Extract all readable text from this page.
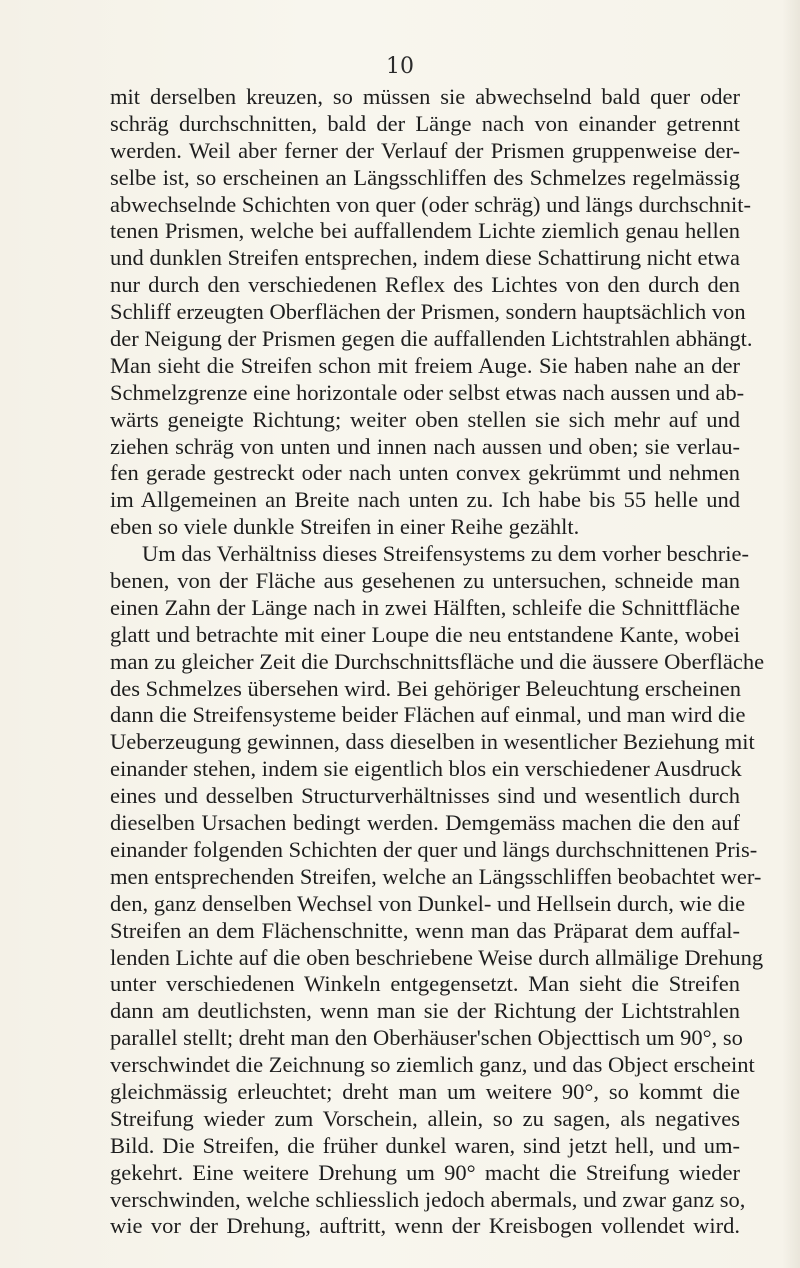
10

mit derselben kreuzen, so müssen sie abwechselnd bald quer oder
schräg durchschnitten, bald der Länge nach von einander getrennt
werden. Weil aber ferner der Verlauf der Prismen gruppenweise der-
selbe ist, so erscheinen an Längsschliffen des Schmelzes regelmässig
abwechselnde Schichten von quer (oder schräg) und längs durchschnit-
tenen Prismen, welche bei auffallendem Lichte ziemlich genau hellen
und dunklen Streifen entsprechen, indem diese Schattirung nicht etwa
nur durch den verschiedenen Reflex des Lichtes von den durch den
Schliff erzeugten Oberflächen der Prismen, sondern hauptsächlich von
der Neigung der Prismen gegen die auffallenden Lichtstrahlen abhängt.
Man sieht die Streifen schon mit freiem Auge. Sie haben nahe an der
Schmelzgrenze eine horizontale oder selbst etwas nach aussen und ab-
wärts geneigte Richtung; weiter oben stellen sie sich mehr auf und
ziehen schräg von unten und innen nach aussen und oben; sie verlau-
fen gerade gestreckt oder nach unten convex gekrümmt und nehmen
im Allgemeinen an Breite nach unten zu. Ich habe bis 55 helle und
eben so viele dunkle Streifen in einer Reihe gezählt.

Um das Verhältniss dieses Streifensystems zu dem vorher beschrie-
benen, von der Fläche aus gesehenen zu untersuchen, schneide man
einen Zahn der Länge nach in zwei Hälften, schleife die Schnittfläche
glatt und betrachte mit einer Loupe die neu entstandene Kante, wobei
man zu gleicher Zeit die Durchschnittsfläche und die äussere Oberfläche
des Schmelzes übersehen wird. Bei gehöriger Beleuchtung erscheinen
dann die Streifensysteme beider Flächen auf einmal, und man wird die
Ueberzeugung gewinnen, dass dieselben in wesentlicher Beziehung mit
einander stehen, indem sie eigentlich blos ein verschiedener Ausdruck
eines und desselben Structurverhältnisses sind und wesentlich durch
dieselben Ursachen bedingt werden. Demgemäss machen die den auf
einander folgenden Schichten der quer und längs durchschnittenen Pris-
men entsprechenden Streifen, welche an Längsschliffen beobachtet wer-
den, ganz denselben Wechsel von Dunkel- und Hellsein durch, wie die
Streifen an dem Flächenschnitte, wenn man das Präparat dem auffal-
lenden Lichte auf die oben beschriebene Weise durch allmälige Drehung
unter verschiedenen Winkeln entgegensetzt. Man sieht die Streifen
dann am deutlichsten, wenn man sie der Richtung der Lichtstrahlen
parallel stellt; dreht man den Oberhäuser'schen Objecttisch um 90°, so
verschwindet die Zeichnung so ziemlich ganz, und das Object erscheint
gleichmässig erleuchtet; dreht man um weitere 90°, so kommt die
Streifung wieder zum Vorschein, allein, so zu sagen, als negatives
Bild. Die Streifen, die früher dunkel waren, sind jetzt hell, und um-
gekehrt. Eine weitere Drehung um 90° macht die Streifung wieder
verschwinden, welche schliesslich jedoch abermals, und zwar ganz so,
wie vor der Drehung, auftritt, wenn der Kreisbogen vollendet wird.
